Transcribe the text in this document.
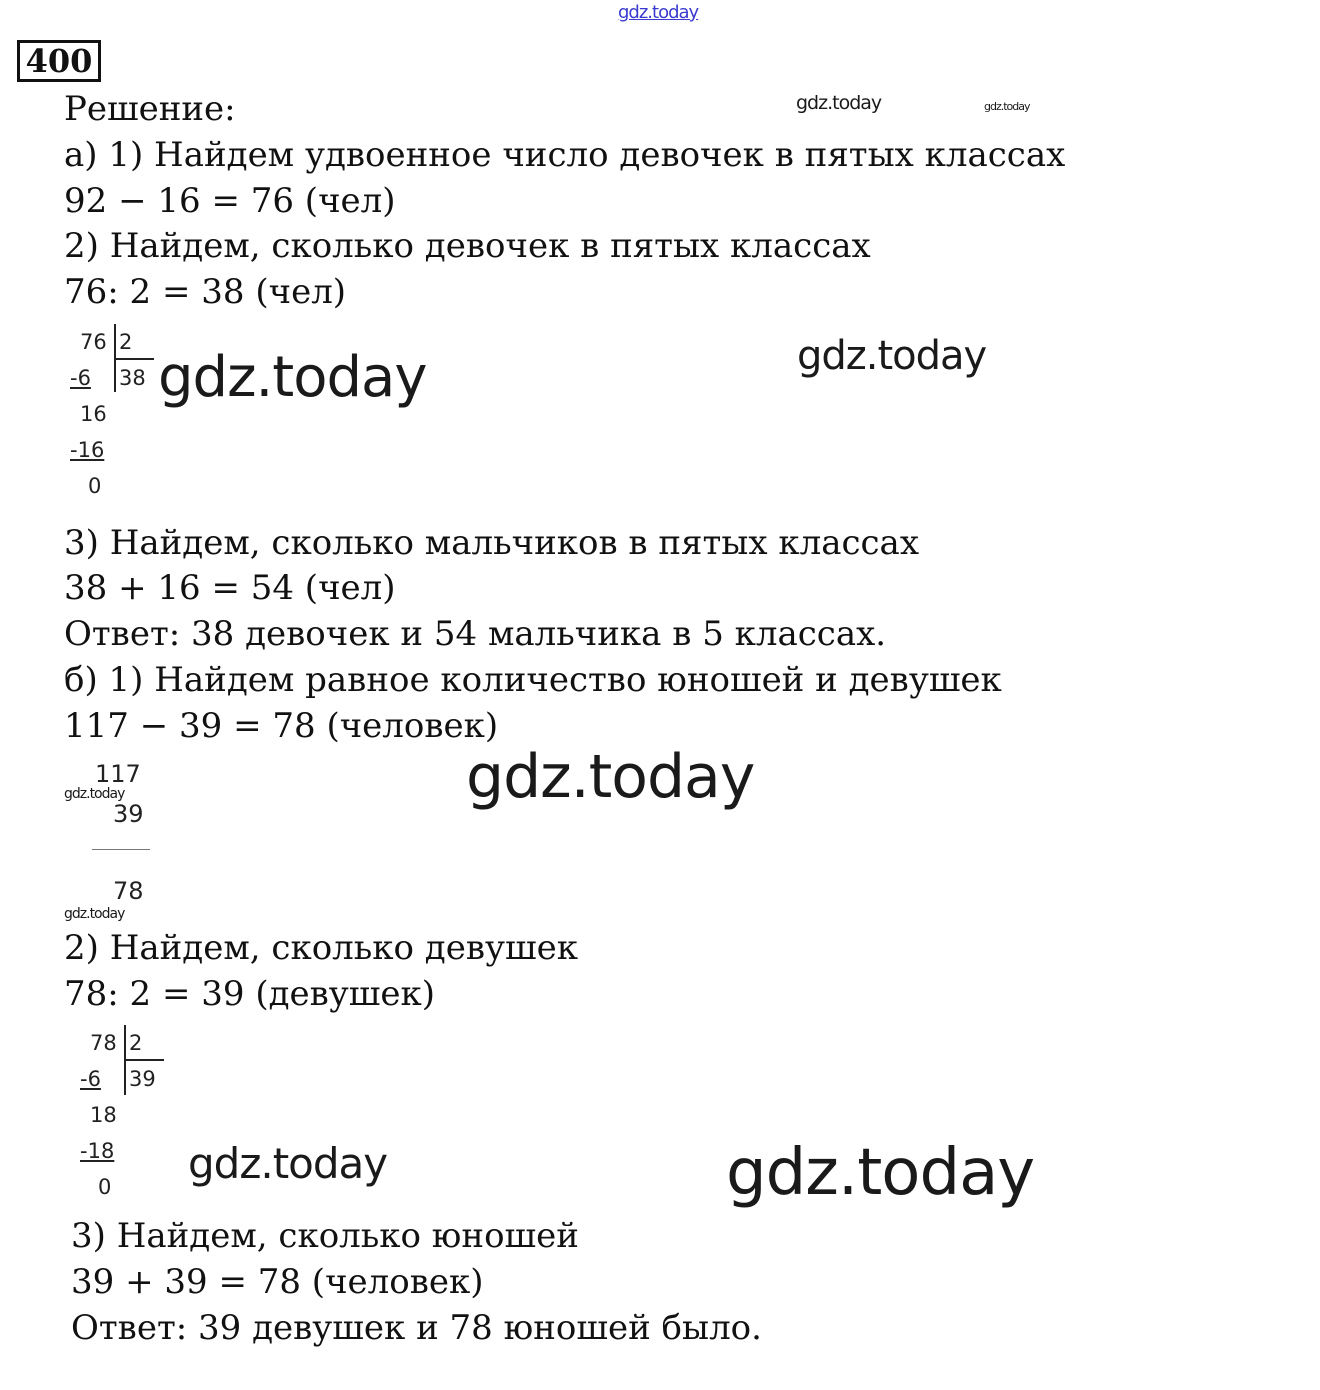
gdz.today
400
Решение:
а) 1) Найдем удвоенное число девочек в пятых классах
92 − 16 = 76 (чел)
2) Найдем, сколько девочек в пятых классах
76: 2 = 38 (чел)
76 2
38
-6
16
-16
0
3) Найдем, сколько мальчиков в пятых классах
38 + 16 = 54 (чел)
Ответ: 38 девочек и 54 мальчика в 5 классах.
б) 1) Найдем равное количество юношей и девушек
117 − 39 = 78 (человек)
117
39
78
2) Найдем, сколько девушек
78: 2 = 39 (девушек)
78 2
39
-6
18
-18
0
3) Найдем, сколько юношей
39 + 39 = 78 (человек)
Ответ: 39 девушек и 78 юношей было.
gdz.today	gdz.today
gdz.today	gdz.today
gdz.today
gdz.today
gdz.today
gdz.today	gdz.today
